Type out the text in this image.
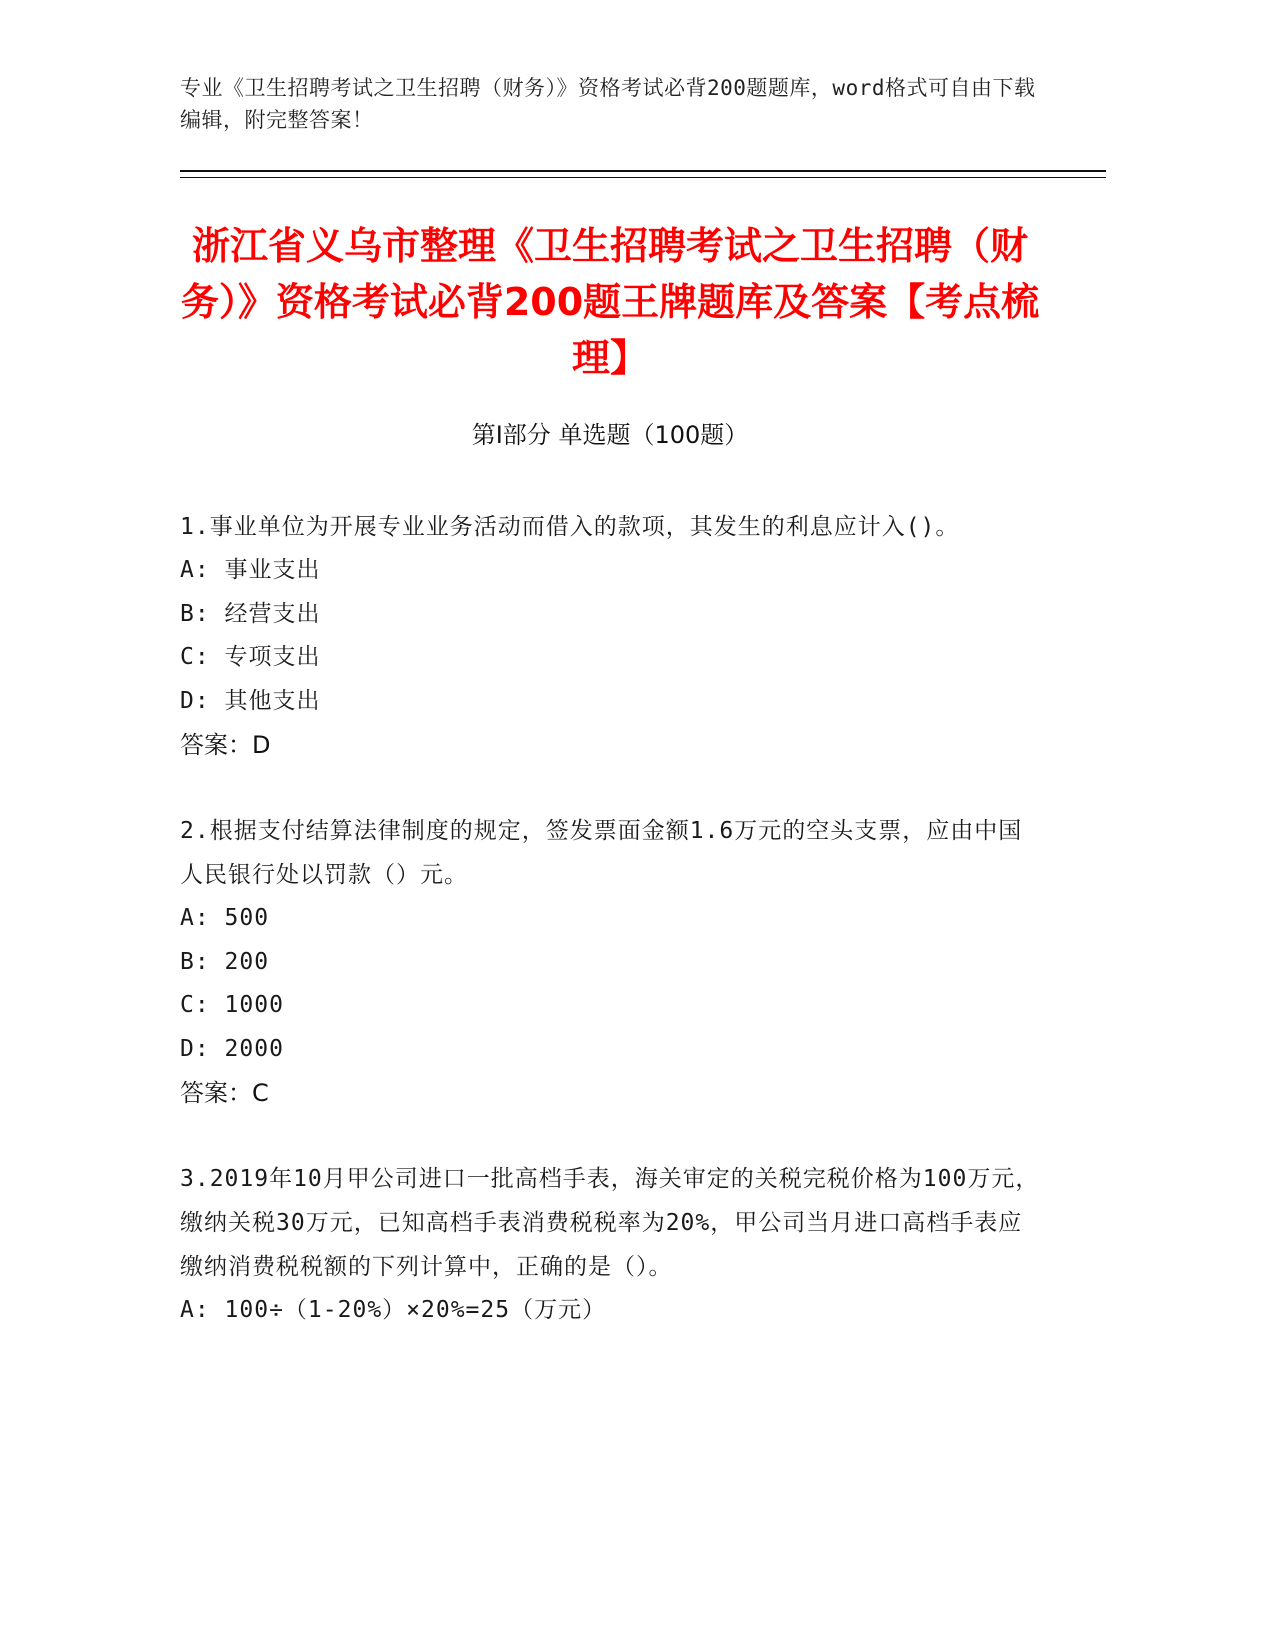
专业《卫生招聘考试之卫生招聘（财务）》资格考试必背200题题库，word格式可自由下载编辑，附完整答案！
浙江省义乌市整理《卫生招聘考试之卫生招聘（财务）》资格考试必背200题王牌题库及答案【考点梳理】
第I部分 单选题（100题）

1.事业单位为开展专业业务活动而借入的款项，其发生的利息应计入()。

A: 事业支出

B: 经营支出

C: 专项支出

D: 其他支出

答案：D

2.根据支付结算法律制度的规定，签发票面金额1.6万元的空头支票，应由中国人民银行处以罚款（）元。

A: 500

B: 200

C: 1000

D: 2000

答案：C

3.2019年10月甲公司进口一批高档手表，海关审定的关税完税价格为100万元，缴纳关税30万元，已知高档手表消费税税率为20%，甲公司当月进口高档手表应缴纳消费税税额的下列计算中，正确的是（）。

A: 100÷（1-20%）×20%=25（万元）
